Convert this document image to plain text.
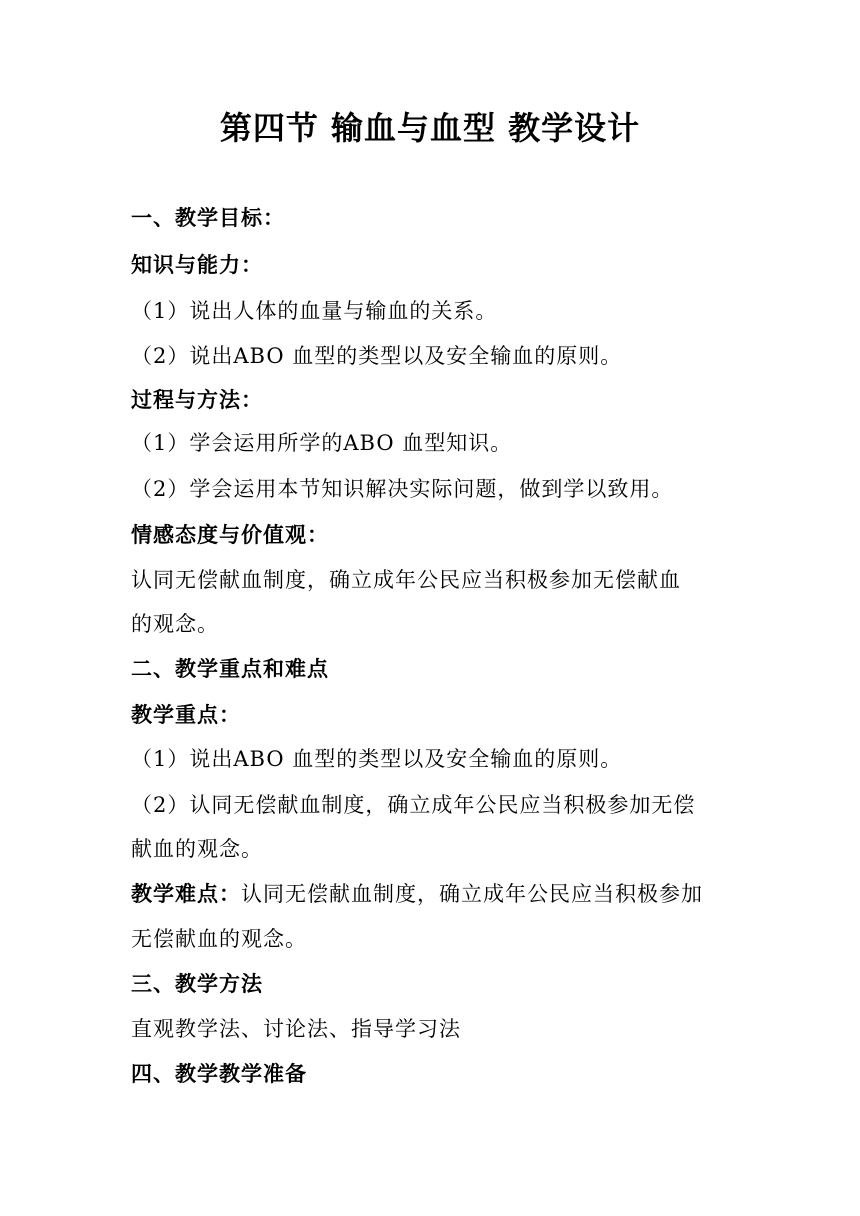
第四节 输血与血型 教学设计
一、教学目标：
知识与能力：
（1）说出人体的血量与输血的关系。
（2）说出ABO 血型的类型以及安全输血的原则。
过程与方法：
（1）学会运用所学的ABO 血型知识。
（2）学会运用本节知识解决实际问题，做到学以致用。
情感态度与价值观：
认同无偿献血制度，确立成年公民应当积极参加无偿献血
的观念。
二、教学重点和难点
教学重点：
（1）说出ABO 血型的类型以及安全输血的原则。
（2）认同无偿献血制度，确立成年公民应当积极参加无偿
献血的观念。
教学难点：认同无偿献血制度，确立成年公民应当积极参加
无偿献血的观念。
三、教学方法
直观教学法、讨论法、指导学习法
四、教学教学准备
